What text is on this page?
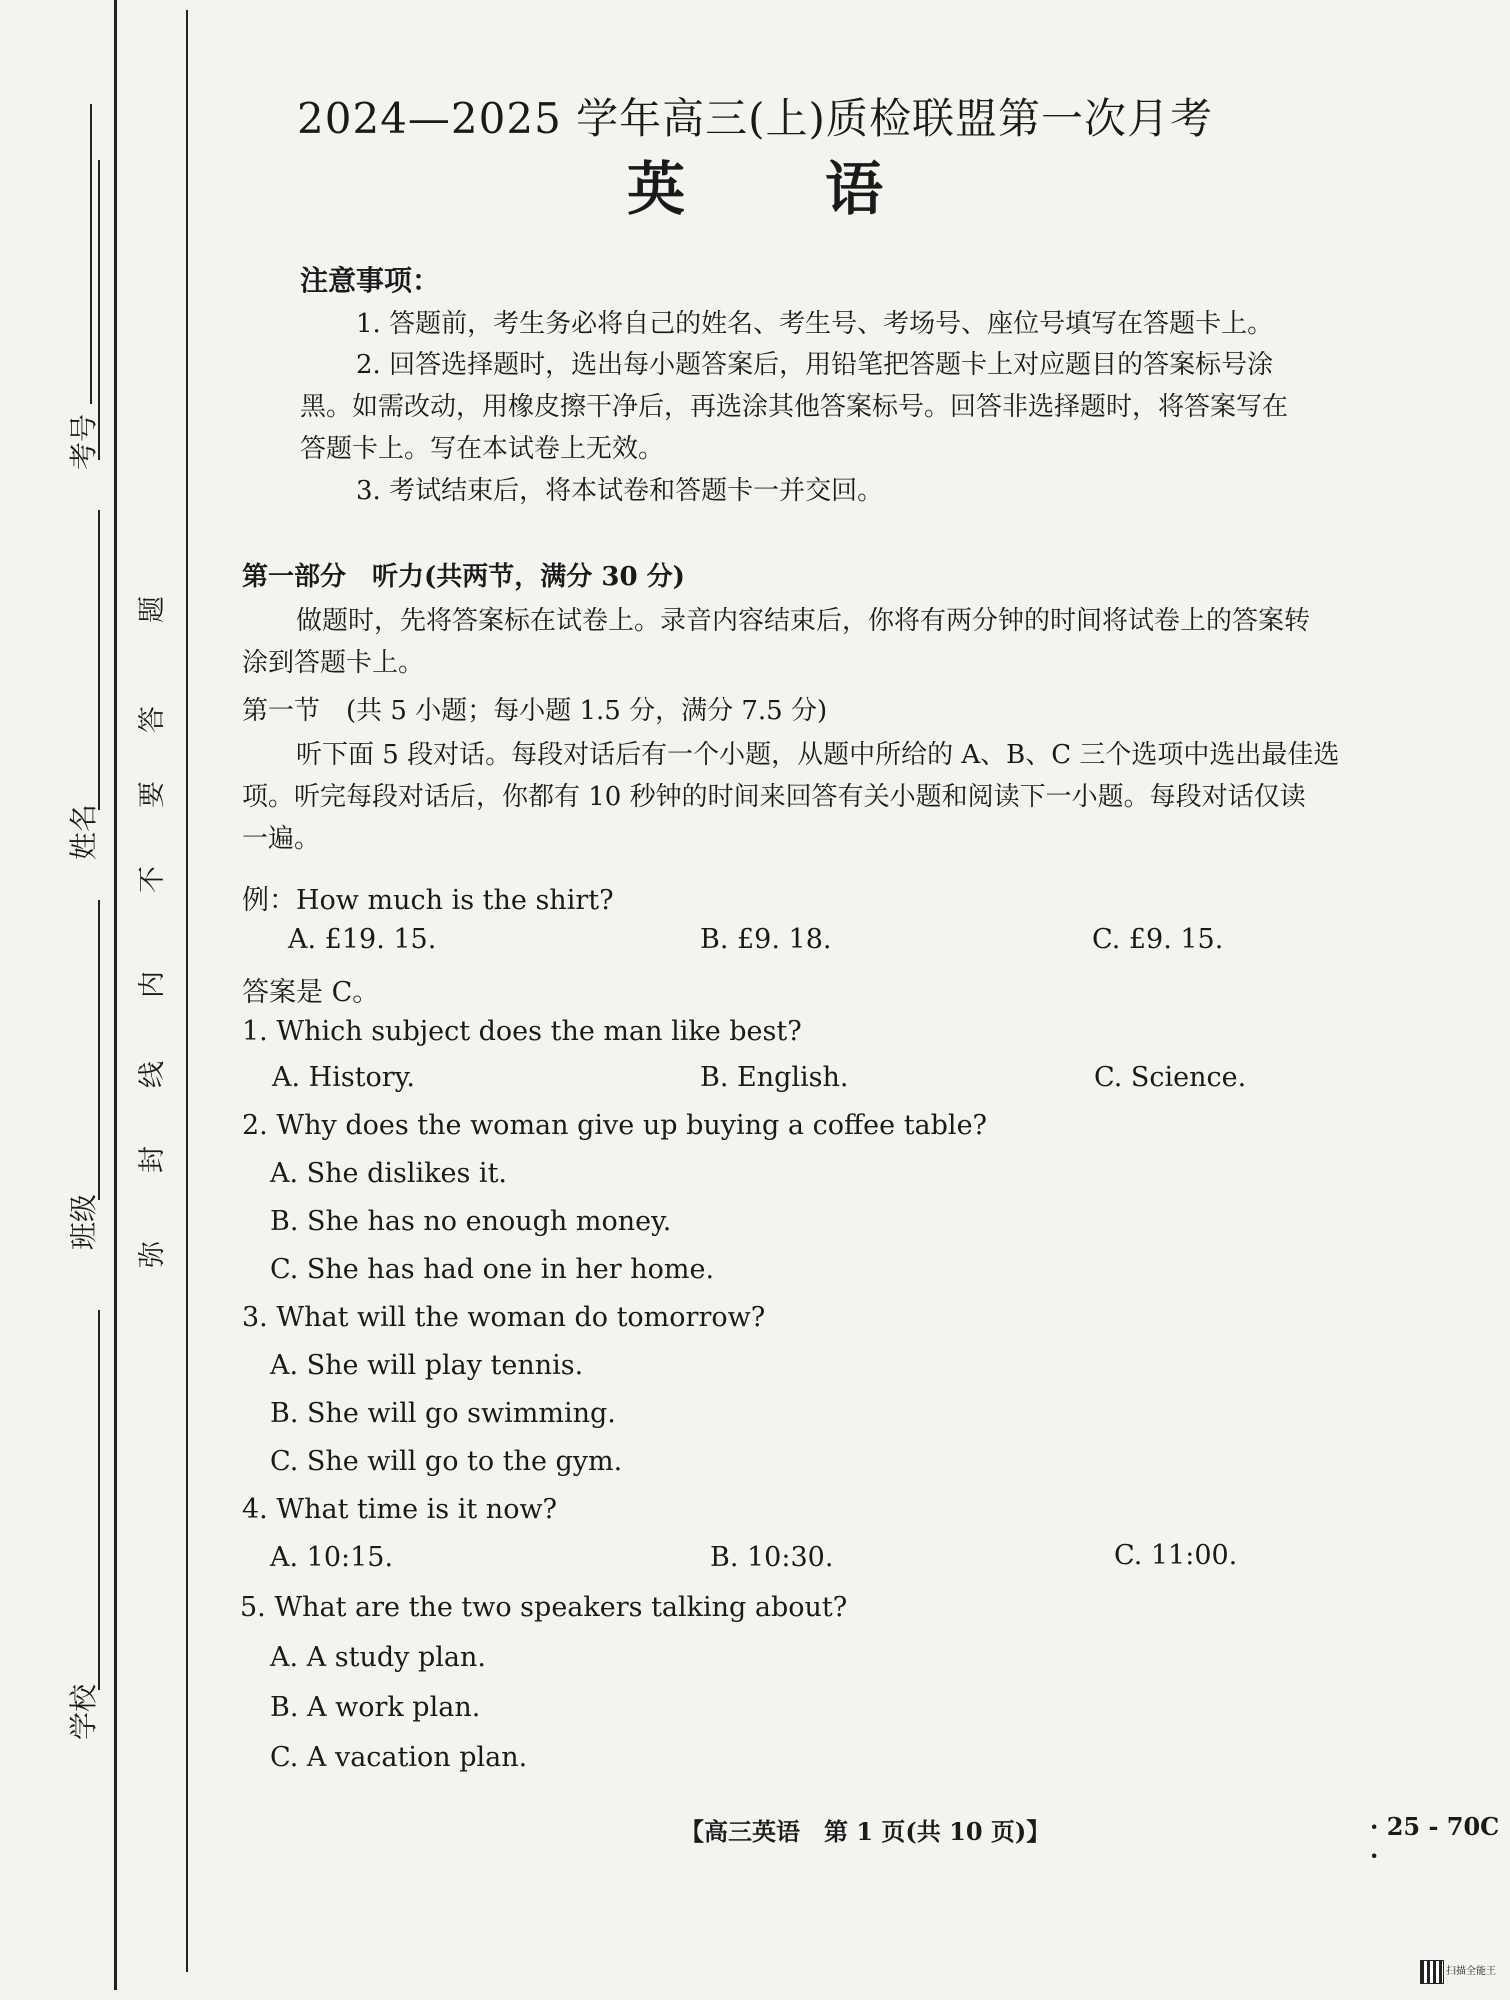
考号
姓名
班级
学校
题
答
要
不
内
线
封
弥
2024—2025 学年高三(上)质检联盟第一次月考
英语
注意事项：
1. 答题前，考生务必将自己的姓名、考生号、考场号、座位号填写在答题卡上。
2. 回答选择题时，选出每小题答案后，用铅笔把答题卡上对应题目的答案标号涂
黑。如需改动，用橡皮擦干净后，再选涂其他答案标号。回答非选择题时，将答案写在
答题卡上。写在本试卷上无效。
3. 考试结束后，将本试卷和答题卡一并交回。
第一部分　听力(共两节，满分 30 分)
做题时，先将答案标在试卷上。录音内容结束后，你将有两分钟的时间将试卷上的答案转
涂到答题卡上。
第一节　(共 5 小题；每小题 1.5 分，满分 7.5 分)
听下面 5 段对话。每段对话后有一个小题，从题中所给的 A、B、C 三个选项中选出最佳选
项。听完每段对话后，你都有 10 秒钟的时间来回答有关小题和阅读下一小题。每段对话仅读
一遍。
例：How much is the shirt?
A. £19. 15.	B. £9. 18.	C. £9. 15.
答案是 C。
1. Which subject does the man like best?
A. History.	B. English.	C. Science.
2. Why does the woman give up buying a coffee table?
A. She dislikes it.
B. She has no enough money.
C. She has had one in her home.
3. What will the woman do tomorrow?
A. She will play tennis.
B. She will go swimming.
C. She will go to the gym.
4. What time is it now?
A. 10:15.	B. 10:30.	C. 11:00.
5. What are the two speakers talking about?
A. A study plan.
B. A work plan.
C. A vacation plan.
【高三英语　第 1 页(共 10 页)】	· 25 - 70C ·
扫描全能王
